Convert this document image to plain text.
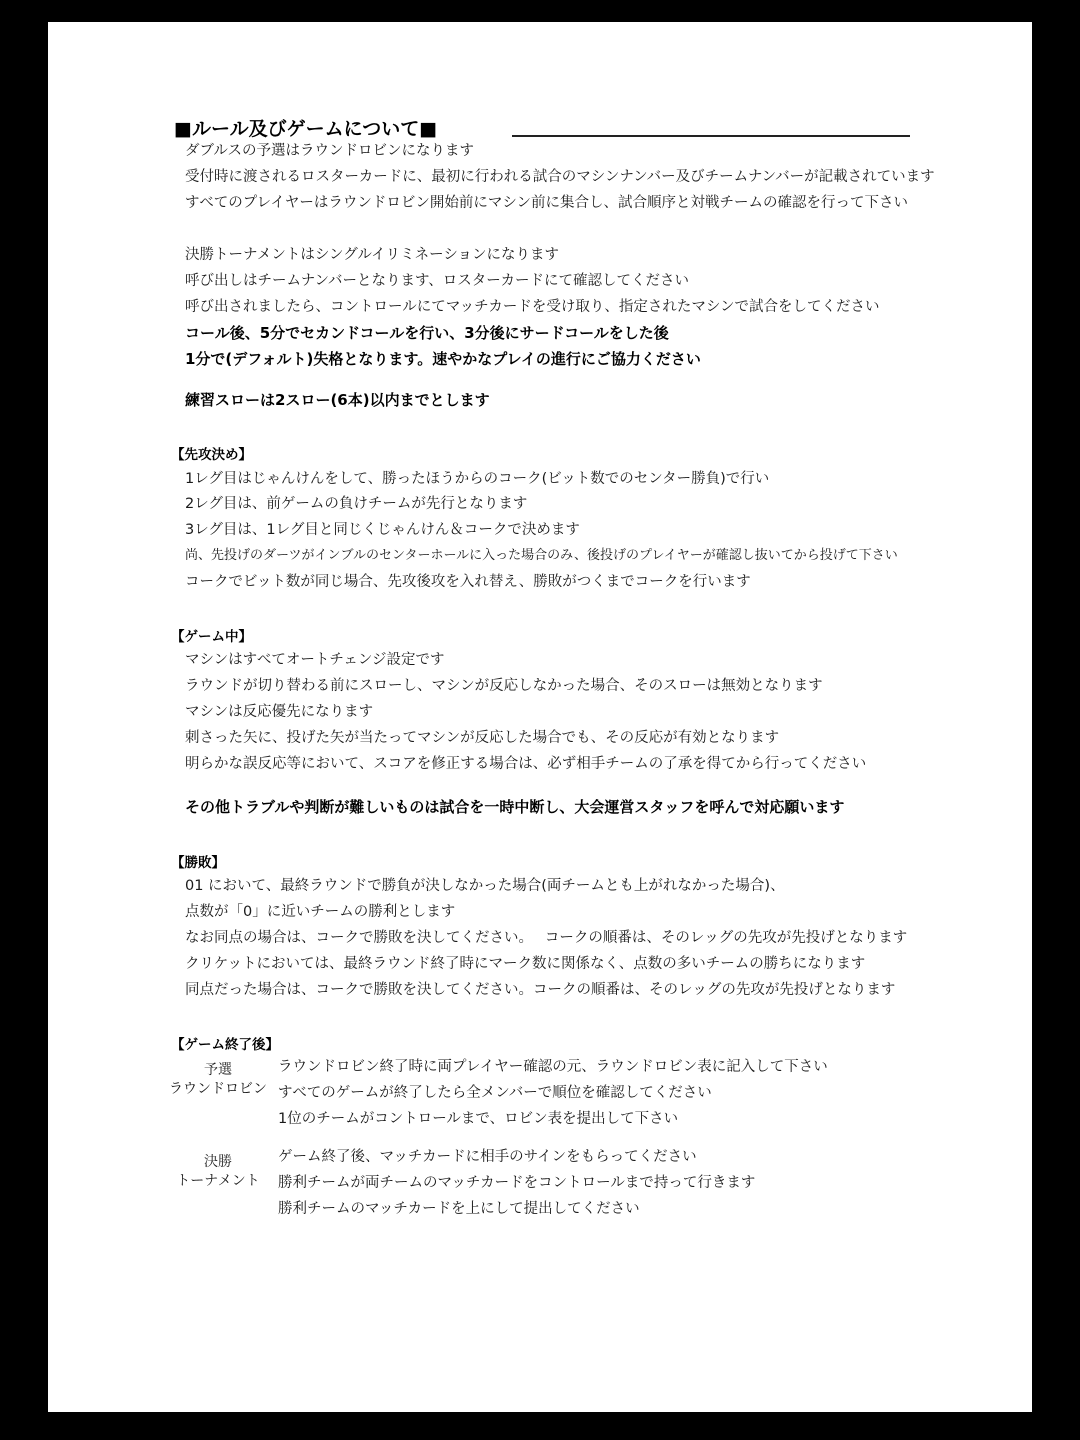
■ルール及びゲームについて■
ダブルスの予選はラウンドロビンになります
受付時に渡されるロスターカードに、最初に行われる試合のマシンナンバー及びチームナンバーが記載されています
すべてのプレイヤーはラウンドロビン開始前にマシン前に集合し、試合順序と対戦チームの確認を行って下さい
決勝トーナメントはシングルイリミネーションになります
呼び出しはチームナンバーとなります、ロスターカードにて確認してください
呼び出されましたら、コントロールにてマッチカードを受け取り、指定されたマシンで試合をしてください
コール後、5分でセカンドコールを行い、3分後にサードコールをした後
1分で(デフォルト)失格となります。速やかなプレイの進行にご協力ください
練習スローは2スロー(6本)以内までとします
【先攻決め】
1レグ目はじゃんけんをして、勝ったほうからのコーク(ビット数でのセンター勝負)で行い
2レグ目は、前ゲームの負けチームが先行となります
3レグ目は、1レグ目と同じくじゃんけん＆コークで決めます
尚、先投げのダーツがインブルのセンターホールに入った場合のみ、後投げのプレイヤーが確認し抜いてから投げて下さい
コークでビット数が同じ場合、先攻後攻を入れ替え、勝敗がつくまでコークを行います
【ゲーム中】
マシンはすべてオートチェンジ設定です
ラウンドが切り替わる前にスローし、マシンが反応しなかった場合、そのスローは無効となります
マシンは反応優先になります
刺さった矢に、投げた矢が当たってマシンが反応した場合でも、その反応が有効となります
明らかな誤反応等において、スコアを修正する場合は、必ず相手チームの了承を得てから行ってください
その他トラブルや判断が難しいものは試合を一時中断し、大会運営スタッフを呼んで対応願います
【勝敗】
01 において、最終ラウンドで勝負が決しなかった場合(両チームとも上がれなかった場合)、
点数が「0」に近いチームの勝利とします
なお同点の場合は、コークで勝敗を決してください。　 コークの順番は、そのレッグの先攻が先投げとなります
クリケットにおいては、最終ラウンド終了時にマーク数に関係なく、点数の多いチームの勝ちになります
同点だった場合は、コークで勝敗を決してください。コークの順番は、そのレッグの先攻が先投げとなります
【ゲーム終了後】
予選
ラウンドロビン
ラウンドロビン終了時に両プレイヤー確認の元、ラウンドロビン表に記入して下さい
すべてのゲームが終了したら全メンバーで順位を確認してください
1位のチームがコントロールまで、ロビン表を提出して下さい
決勝
トーナメント
ゲーム終了後、マッチカードに相手のサインをもらってください
勝利チームが両チームのマッチカードをコントロールまで持って行きます
勝利チームのマッチカードを上にして提出してください
